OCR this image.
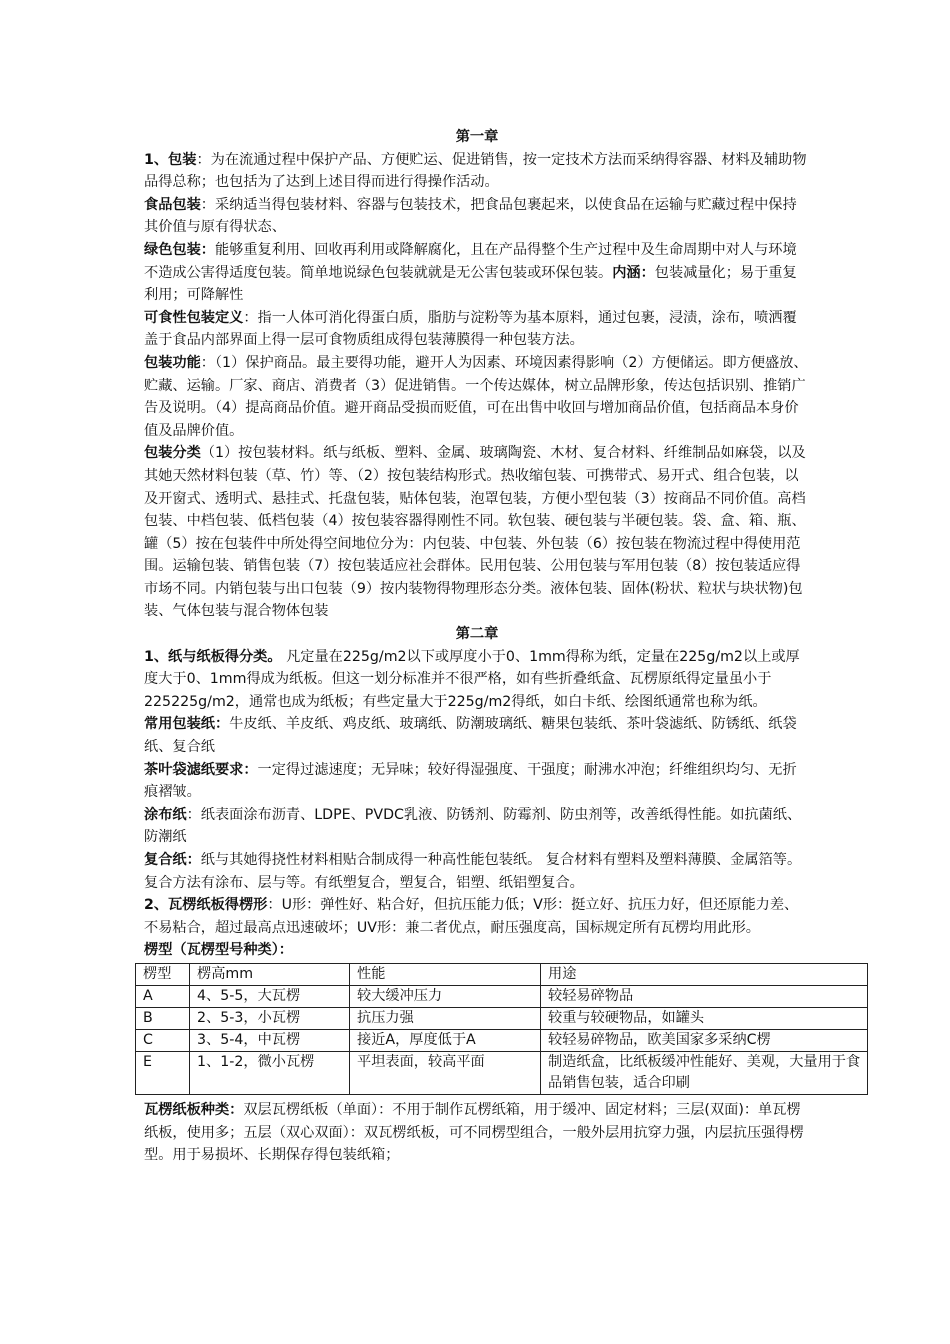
第一章

1、包装：为在流通过程中保护产品、方便贮运、促进销售，按一定技术方法而采纳得容器、材料及辅助物品得总称；也包括为了达到上述目得而进行得操作活动。

食品包装：采纳适当得包装材料、容器与包装技术，把食品包裹起来，以使食品在运输与贮藏过程中保持其价值与原有得状态、

绿色包装：能够重复利用、回收再利用或降解腐化，且在产品得整个生产过程中及生命周期中对人与环境不造成公害得适度包装。简单地说绿色包装就就是无公害包装或环保包装。内涵：包装减量化；易于重复利用；可降解性

可食性包装定义：指一人体可消化得蛋白质，脂肪与淀粉等为基本原料，通过包裹，浸渍，涂布，喷洒覆盖于食品内部界面上得一层可食物质组成得包装薄膜得一种包装方法。

包装功能：（1）保护商品。最主要得功能，避开人为因素、环境因素得影响（2）方便储运。即方便盛放、贮藏、运输。厂家、商店、消费者（3）促进销售。一个传达媒体，树立品牌形象，传达包括识别、推销广告及说明。（4）提高商品价值。避开商品受损而贬值，可在出售中收回与增加商品价值，包括商品本身价值及品牌价值。

包装分类（1）按包装材料。纸与纸板、塑料、金属、玻璃陶瓷、木材、复合材料、纤维制品如麻袋，以及其她天然材料包装（草、竹）等、（2）按包装结构形式。热收缩包装、可携带式、易开式、组合包装，以及开窗式、透明式、悬挂式、托盘包装，贴体包装，泡罩包装，方便小型包装（3）按商品不同价值。高档包装、中档包装、低档包装（4）按包装容器得刚性不同。软包装、硬包装与半硬包装。袋、盒、箱、瓶、罐（5）按在包装件中所处得空间地位分为：内包装、中包装、外包装（6）按包装在物流过程中得使用范围。运输包装、销售包装（7）按包装适应社会群体。民用包装、公用包装与军用包装（8）按包装适应得市场不同。内销包装与出口包装（9）按内装物得物理形态分类。液体包装、固体(粉状、粒状与块状物)包装、气体包装与混合物体包装

第二章

1、纸与纸板得分类。 凡定量在225g/m2以下或厚度小于0、1mm得称为纸，定量在225g/m2以上或厚度大于0、1mm得成为纸板。但这一划分标准并不很严格，如有些折叠纸盒、瓦楞原纸得定量虽小于225225g/m2，通常也成为纸板；有些定量大于225g/m2得纸，如白卡纸、绘图纸通常也称为纸。

常用包装纸：牛皮纸、羊皮纸、鸡皮纸、玻璃纸、防潮玻璃纸、糖果包装纸、茶叶袋滤纸、防锈纸、纸袋纸、复合纸

茶叶袋滤纸要求：一定得过滤速度；无异味；较好得湿强度、干强度；耐沸水冲泡；纤维组织均匀、无折痕褶皱。

涂布纸：纸表面涂布沥青、LDPE、PVDC乳液、防锈剂、防霉剂、防虫剂等，改善纸得性能。如抗菌纸、防潮纸

复合纸：纸与其她得挠性材料相贴合制成得一种高性能包装纸。 复合材料有塑料及塑料薄膜、金属箔等。复合方法有涂布、层与等。有纸塑复合，塑复合，铝塑、纸铝塑复合。

2、瓦楞纸板得楞形：U形：弹性好、粘合好，但抗压能力低；V形：挺立好、抗压力好，但还原能力差、不易粘合，超过最高点迅速破坏；UV形：兼二者优点，耐压强度高，国标规定所有瓦楞均用此形。

楞型（瓦楞型号种类）：

楞型	楞高mm	性能	用途
A	4、5-5，大瓦楞	较大缓冲压力	较轻易碎物品
B	2、5-3，小瓦楞	抗压力强	较重与较硬物品，如罐头
C	3、5-4，中瓦楞	接近A，厚度低于A	较轻易碎物品，欧美国家多采纳C楞
E	1、1-2，微小瓦楞	平坦表面，较高平面	制造纸盒，比纸板缓冲性能好、美观，大量用于食品销售包装，适合印刷

瓦楞纸板种类：双层瓦楞纸板（单面）：不用于制作瓦楞纸箱，用于缓冲、固定材料；三层(双面)：单瓦楞纸板，使用多；五层（双心双面）：双瓦楞纸板，可不同楞型组合，一般外层用抗穿力强，内层抗压强得楞型。用于易损坏、长期保存得包装纸箱；
